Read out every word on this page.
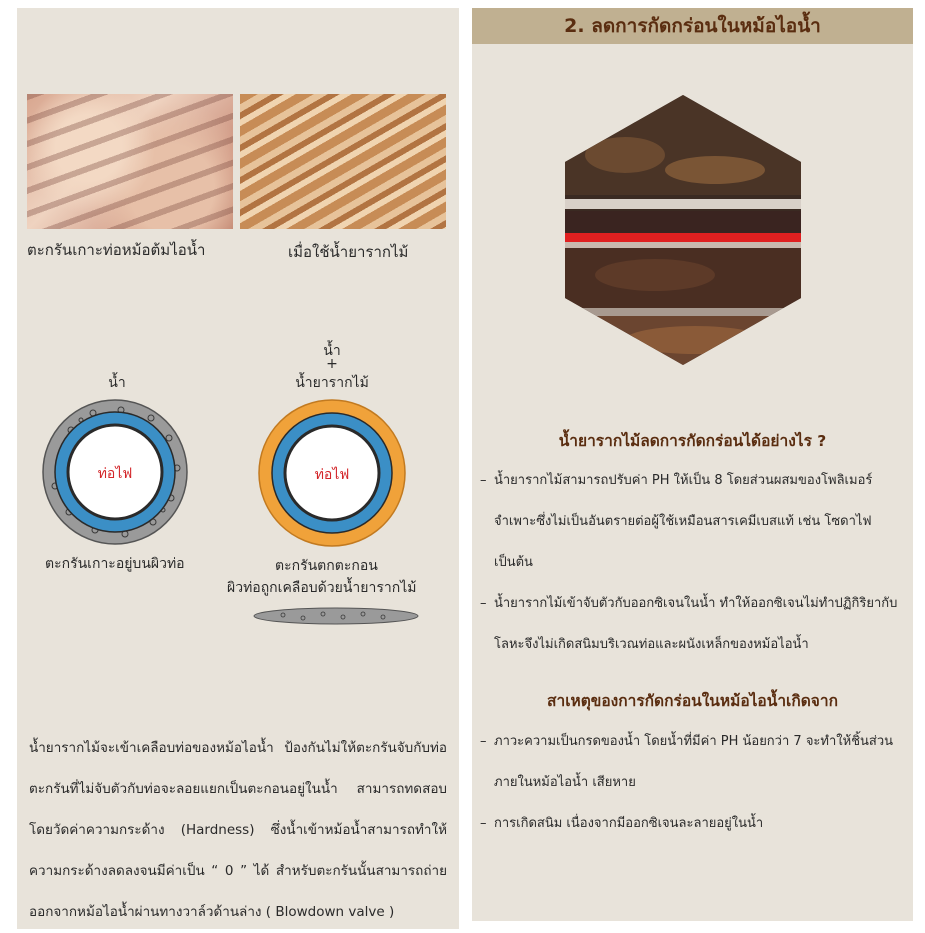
ตะกรันเกาะท่อหม้อต้มไอน้ำ	เมื่อใช้น้ำยารากไม้
น้ำ
ท่อไฟ
ตะกรันเกาะอยู่บนผิวท่อ
น้ำ
+
น้ำยารากไม้
ท่อไฟ
ตะกรันตกตะกอน
ผิวท่อถูกเคลือบด้วยน้ำยารากไม้
น้ำยารากไม้จะเข้าเคลือบท่อของหม้อไอน้ำ ป้องกันไม่ให้ตะกรันจับกับท่อ ตะกรันที่ไม่จับตัวกับท่อจะลอยแยกเป็นตะกอนอยู่ในน้ำ สามารถทดสอบโดยวัดค่าความกระด้าง (Hardness) ซึ่งน้ำเข้าหม้อน้ำสามารถทำให้ความกระด้างลดลงจนมีค่าเป็น “ 0 ” ได้ สำหรับตะกรันนั้นสามารถถ่ายออกจากหม้อไอน้ำผ่านทางวาล์วด้านล่าง ( Blowdown valve )
2. ลดการกัดกร่อนในหม้อไอน้ำ
น้ำยารากไม้ลดการกัดกร่อนได้อย่างไร ?
– น้ำยารากไม้สามารถปรับค่า PH ให้เป็น 8 โดยส่วนผสมของโพลิเมอร์จำเพาะซึ่งไม่เป็นอันตรายต่อผู้ใช้เหมือนสารเคมีเบสแท้ เช่น โซดาไฟ เป็นต้น
– น้ำยารากไม้เข้าจับตัวกับออกซิเจนในน้ำ ทำให้ออกซิเจนไม่ทำปฏิกิริยากับโลหะจึงไม่เกิดสนิมบริเวณท่อและผนังเหล็กของหม้อไอน้ำ
สาเหตุของการกัดกร่อนในหม้อไอน้ำเกิดจาก
– ภาวะความเป็นกรดของน้ำ โดยน้ำที่มีค่า PH น้อยกว่า 7 จะทำให้ชิ้นส่วนภายในหม้อไอน้ำ เสียหาย
– การเกิดสนิม เนื่องจากมีออกซิเจนละลายอยู่ในน้ำ
